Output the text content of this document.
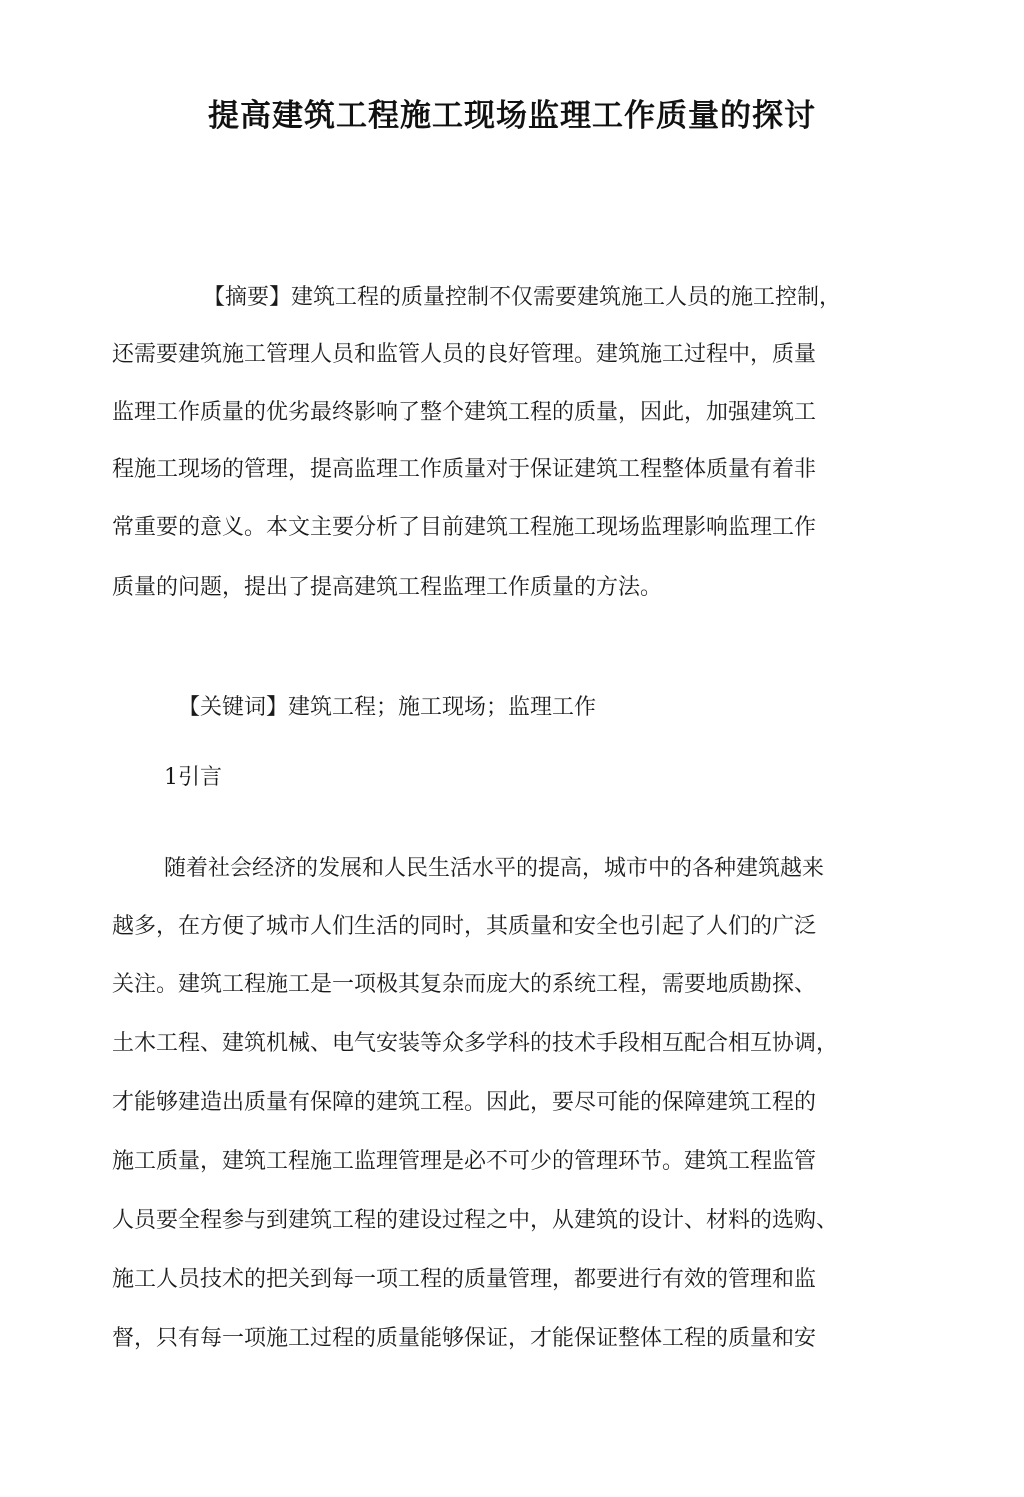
提高建筑工程施工现场监理工作质量的探讨
【摘要】建筑工程的质量控制不仅需要建筑施工人员的施工控制，
还需要建筑施工管理人员和监管人员的良好管理。建筑施工过程中，质量
监理工作质量的优劣最终影响了整个建筑工程的质量，因此，加强建筑工
程施工现场的管理，提高监理工作质量对于保证建筑工程整体质量有着非
常重要的意义。本文主要分析了目前建筑工程施工现场监理影响监理工作
质量的问题，提出了提高建筑工程监理工作质量的方法。
【关键词】建筑工程；施工现场；监理工作
1引言
随着社会经济的发展和人民生活水平的提高，城市中的各种建筑越来
越多，在方便了城市人们生活的同时，其质量和安全也引起了人们的广泛
关注。建筑工程施工是一项极其复杂而庞大的系统工程，需要地质勘探、
土木工程、建筑机械、电气安装等众多学科的技术手段相互配合相互协调，
才能够建造出质量有保障的建筑工程。因此，要尽可能的保障建筑工程的
施工质量，建筑工程施工监理管理是必不可少的管理环节。建筑工程监管
人员要全程参与到建筑工程的建设过程之中，从建筑的设计、材料的选购、
施工人员技术的把关到每一项工程的质量管理，都要进行有效的管理和监
督，只有每一项施工过程的质量能够保证，才能保证整体工程的质量和安
